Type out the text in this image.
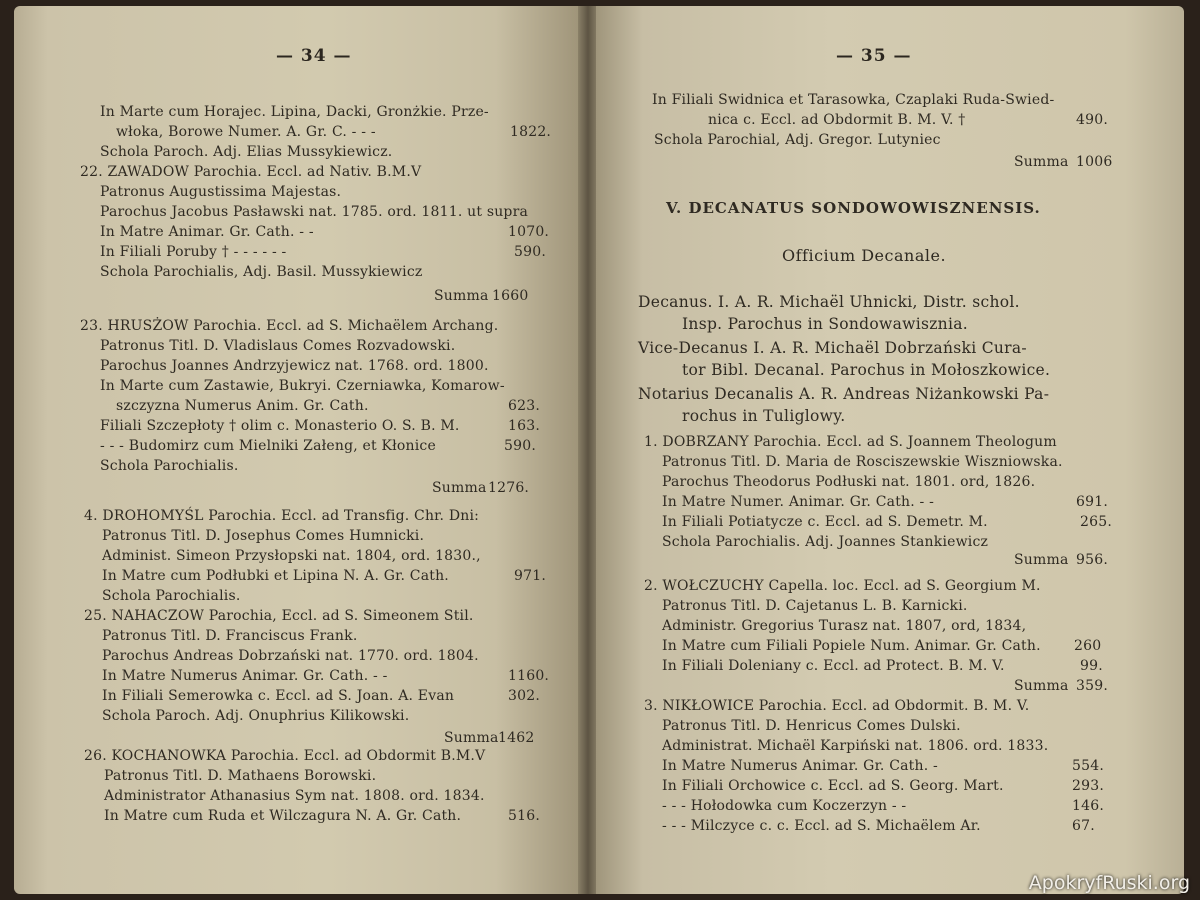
— 34 —
In Marte cum Horajec. Lipina, Dacki, Gronżkie. Prze-
włoka, Borowe Numer. A. Gr. C. - - -	1822.
Schola Paroch. Adj. Elias Mussykiewicz.
22. ZAWADOW Parochia. Eccl. ad Nativ. B.M.V
Patronus Augustissima Majestas.
Parochus Jacobus Pasławski nat. 1785. ord. 1811. ut supra
In Matre Animar. Gr. Cath. - -	1070.
In Filiali Poruby † - - - - - -	590.
Schola Parochialis, Adj. Basil. Mussykiewicz
Summa 1660
23. HRUSŻOW Parochia. Eccl. ad S. Michaëlem Archang.
Patronus Titl. D. Vladislaus Comes Rozvadowski.
Parochus Joannes Andrzyjewicz nat. 1768. ord. 1800.
In Marte cum Zastawie, Bukryi. Czerniawka, Komarow-
szczyzna Numerus Anim. Gr. Cath.	623.
Filiali Szczepłoty † olim c. Monasterio O. S. B. M.	163.
- - - Budomirz cum Mielniki Załeng, et Kłonice	590.
Schola Parochialis.
Summa 1276.
4. DROHOMYŚL Parochia. Eccl. ad Transfig. Chr. Dni:
Patronus Titl. D. Josephus Comes Humnicki.
Administ. Simeon Przysłopski nat. 1804, ord. 1830.,
In Matre cum Podłubki et Lipina N. A. Gr. Cath.	971.
Schola Parochialis.
25. NAHACZOW Parochia, Eccl. ad S. Simeonem Stil.
Patronus Titl. D. Franciscus Frank.
Parochus Andreas Dobrzański nat. 1770. ord. 1804.
In Matre Numerus Animar. Gr. Cath. - -	1160.
In Filiali Semerowka c. Eccl. ad S. Joan. A. Evan	302.
Schola Paroch. Adj. Onuphrius Kilikowski.
Summa 1462
26. KOCHANOWKA Parochia. Eccl. ad Obdormit B.M.V
Patronus Titl. D. Mathaens Borowski.
Administrator Athanasius Sym nat. 1808. ord. 1834.
In Matre cum Ruda et Wilczagura N. A. Gr. Cath.	516.
— 35 —
In Filiali Swidnica et Tarasowka, Czaplaki Ruda-Swied-
nica c. Eccl. ad Obdormit B. M. V. †	490.
Schola Parochial, Adj. Gregor. Lutyniec
Summa 1006
V. DECANATUS SONDOWOWISZNENSIS.
Officium Decanale.
Decanus. I. A. R. Michaël Uhnicki, Distr. schol.
Insp. Parochus in Sondowawisznia.
Vice-Decanus I. A. R. Michaël Dobrzański Cura-
tor Bibl. Decanal. Parochus in Mołoszkowice.
Notarius Decanalis A. R. Andreas Niżankowski Pa-
rochus in Tuliglowy.
1. DOBRZANY Parochia. Eccl. ad S. Joannem Theologum
Patronus Titl. D. Maria de Rosciszewskie Wiszniowska.
Parochus Theodorus Podłuski nat. 1801. ord, 1826.
In Matre Numer. Animar. Gr. Cath. - -	691.
In Filiali Potiatycze c. Eccl. ad S. Demetr. M.	265.
Schola Parochialis. Adj. Joannes Stankiewicz
Summa 956.
2. WOŁCZUCHY Capella. loc. Eccl. ad S. Georgium M.
Patronus Titl. D. Cajetanus L. B. Karnicki.
Administr. Gregorius Turasz nat. 1807, ord, 1834,
In Matre cum Filiali Popiele Num. Animar. Gr. Cath. 260
In Filiali Doleniany c. Eccl. ad Protect. B. M. V.	99.
Summa 359.
3. NIKŁOWICE Parochia. Eccl. ad Obdormit. B. M. V.
Patronus Titl. D. Henricus Comes Dulski.
Administrat. Michaël Karpiński nat. 1806. ord. 1833.
In Matre Numerus Animar. Gr. Cath. -	554.
In Filiali Orchowice c. Eccl. ad S. Georg. Mart.	293.
- - - Hołodowka cum Koczerzyn - -	146.
- - - Milczyce c. c. Eccl. ad S. Michaëlem Ar.	67.
ApokryfRuski.org
